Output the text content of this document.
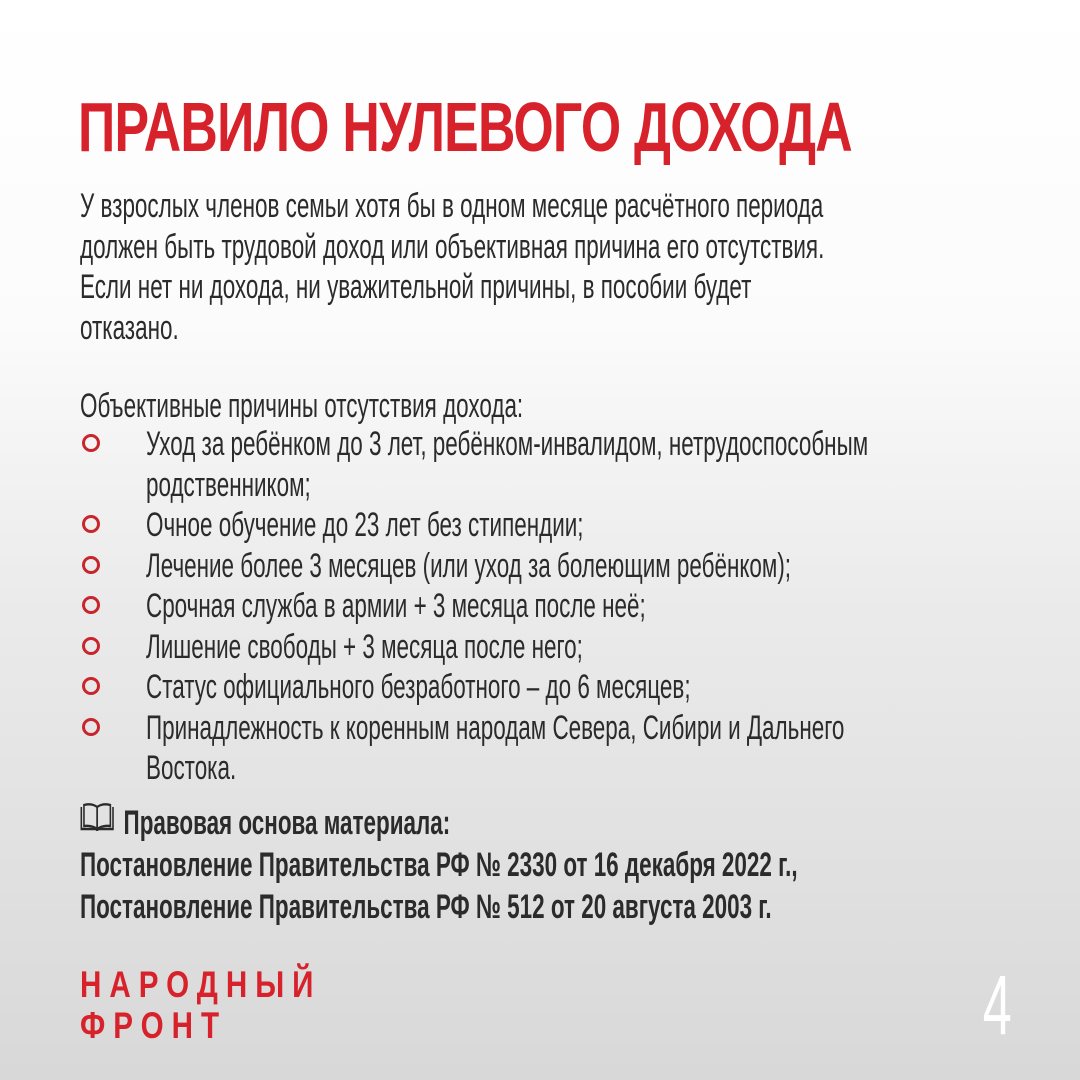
ПРАВИЛО НУЛЕВОГО ДОХОДА
У взрослых членов семьи хотя бы в одном месяце расчётного периода
должен быть трудовой доход или объективная причина его отсутствия.
Если нет ни дохода, ни уважительной причины, в пособии будет
отказано.
Объективные причины отсутствия дохода:
Уход за ребёнком до 3 лет, ребёнком-инвалидом, нетрудоспособным
родственником;
Очное обучение до 23 лет без стипендии;
Лечение более 3 месяцев (или уход за болеющим ребёнком);
Срочная служба в армии + 3 месяца после неё;
Лишение свободы + 3 месяца после него;
Статус официального безработного – до 6 месяцев;
Принадлежность к коренным народам Севера, Сибири и Дальнего
Востока.
Правовая основа материала:
Постановление Правительства РФ № 2330 от 16 декабря 2022 г.,
Постановление Правительства РФ № 512 от 20 августа 2003 г.
НАРОДНЫЙ
ФРОНТ	4
